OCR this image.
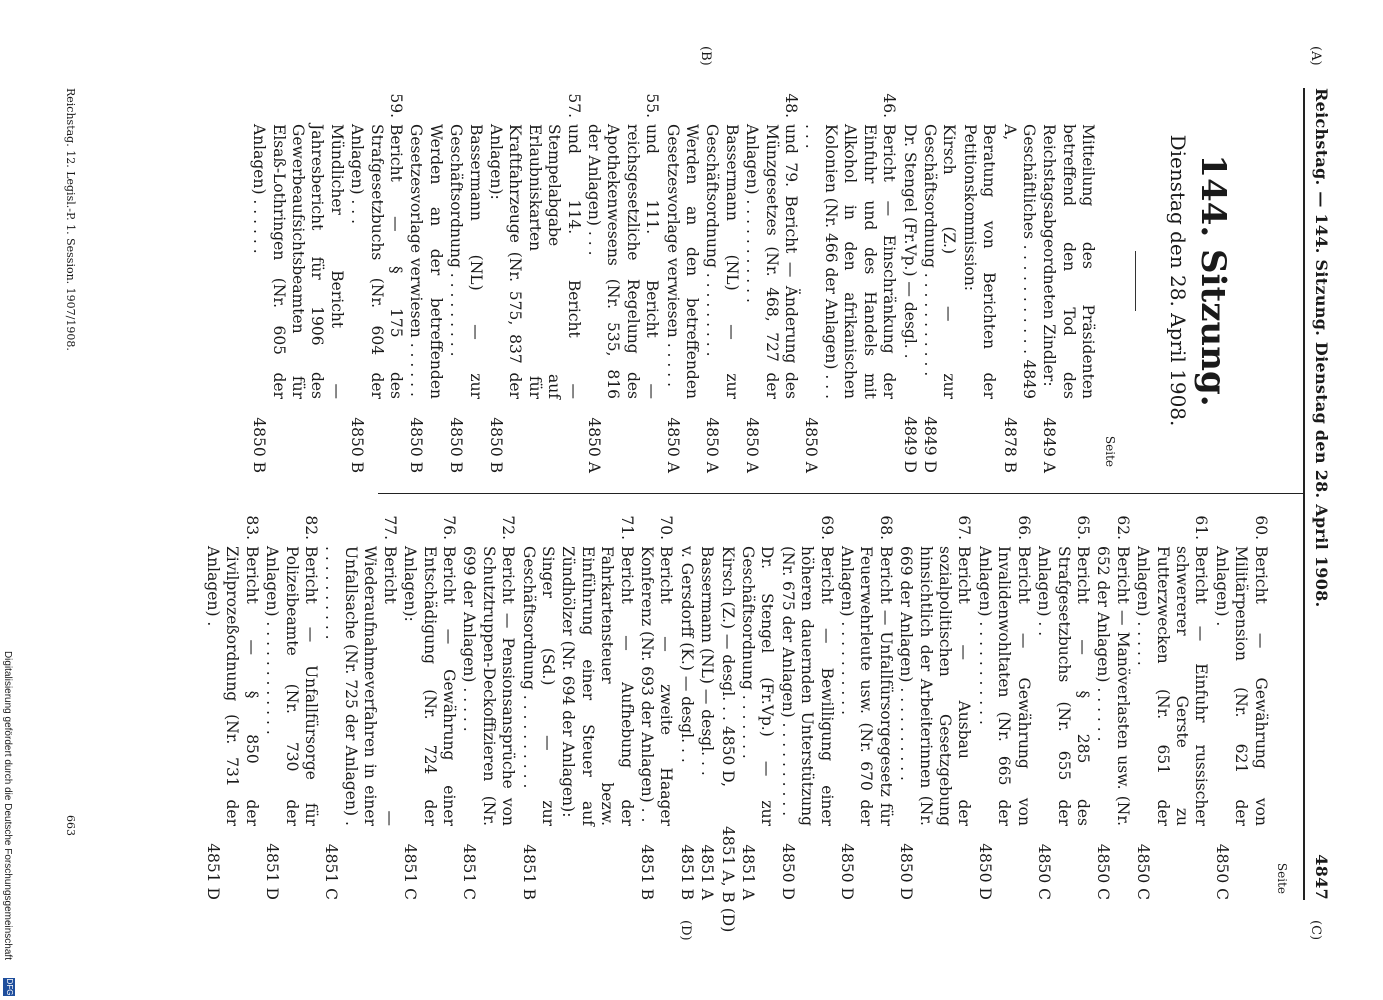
Reichstag. — 144. Sitzung. Dienstag den 28. April 1908.
4847
(A)
(B)
(C)
(D)
144. Sitzung.
Dienstag den 28. April 1908.
Seite
Mitteilung des Präsidenten betreffend den Tod des Reichstagsabgeordneten Zindler:
4849 A
Geschäftliches . . . . . . . . . . . 4849 A,
4878 B
Beratung von Berichten der Petitionskommission:
Kirsch (Z.) — zur Geschäftsordnung . . . . . . . . . . .
4849 D
Dr. Stengel (Fr.Vp.) — desgl. .
4849 D
46.
Bericht — Einschränkung der Einfuhr und des Handels mit Alkohol in den afrikanischen Kolonien (Nr. 466 der Anlagen) . . . . . .
4850 A
48.
und 79. Bericht — Änderung des Münzgesetzes (Nr. 468, 727 der Anlagen) . . . . . . . . . . .
4850 A
Bassermann (NL) — zur Geschäftsordnung . . . . . . . . .
4850 A
Werden an den betreffenden Gesetzesvorlage verwiesen . . . . .
4850 A
55.
und 111. Bericht — reichsgesetzliche Regelung des Apothekenwesens (Nr. 535, 816 der Anlagen) . . .
4850 A
57.
und 114. Bericht — Stempelabgabe auf Erlaubniskarten für Kraftfahrzeuge (Nr. 575, 837 der Anlagen):
4850 B
Bassermann (NL) — zur Geschäftsordnung . . . . . . . . .
4850 B
Werden an der betreffenden Gesetzesvorlage verwiesen . . . . . .
4850 B
59.
Bericht — § 175 des Strafgesetzbuchs (Nr. 604 der Anlagen) . . .
4850 B
Mündlicher Bericht — Jahresbericht für 1906 des Gewerbeaufsichtsbeamten für Elsaß-Lothringen (Nr. 605 der Anlagen) . . . . . .
4850 B
Seite
60.
Bericht — Gewährung von Militärpension (Nr. 621 der Anlagen) .
4850 C
61.
Bericht — Einfuhr russischer schwererer Gerste zu Futterzwecken (Nr. 651 der Anlagen) . . . . .
4850 C
62.
Bericht — Manöverlasten usw. (Nr. 652 der Anlagen) . . . . . .
4850 C
65.
Bericht — § 285 des Strafgesetzbuchs (Nr. 655 der Anlagen) . .
4850 C
66.
Bericht — Gewährung von Invalidenwohltaten (Nr. 665 der Anlagen) . . . . . . . . . . .
4850 D
67.
Bericht — Ausbau der sozialpolitischen Gesetzgebung hinsichtlich der Arbeiterinnen (Nr. 669 der Anlagen) . . . . . . . . . .
4850 D
68.
Bericht — Unfallfürsorgegesetz für Feuerwehrleute usw. (Nr. 670 der Anlagen) . . . . . . . . . .
4850 D
69.
Bericht — Bewilligung einer höheren dauernden Unterstützung (Nr. 675 der Anlagen) . . . . . . . . . .
4850 D
Dr. Stengel (Fr.Vp.) — zur Geschäftsordnung . . . . . . .
4851 A
Kirsch (Z.) — desgl. . . 4850 D,
4851 A, B (D)
Bassermann (NL) — desgl. . .
4851 A
v. Gersdorff (K.) — desgl. . .
4851 B
70.
Bericht — zweite Haager Konferenz (Nr. 693 der Anlagen) . .
4851 B
71.
Bericht — Aufhebung der Fahrkartensteuer bezw. Einführung einer Steuer auf Zündhölzer (Nr. 694 der Anlagen):
Singer (Sd.) — zur Geschäftsordnung . . . . . . . . . .
4851 B
72.
Bericht — Pensionsansprüche von Schutztruppen-Deckoffizieren (Nr. 699 der Anlagen) . . . . .
4851 C
76.
Bericht — Gewährung einer Entschädigung (Nr. 724 der Anlagen):
4851 C
77.
Bericht — Wiederaufnahmeverfahren in einer Unfallsache (Nr. 725 der Anlagen) . . . . . . . . . . .
4851 C
82.
Bericht — Unfallfürsorge für Polizeibeamte (Nr. 730 der Anlagen) . . . . . . . . . . . .
4851 D
83.
Bericht — § 850 der Zivilprozeßordnung (Nr. 731 der Anlagen) .
4851 D
Reichstag. 12. Legisl.-P. 1. Session. 1907/1908.
663
Digitalisierung gefördert durch die Deutsche Forschungsgemeinschaft
DFG
